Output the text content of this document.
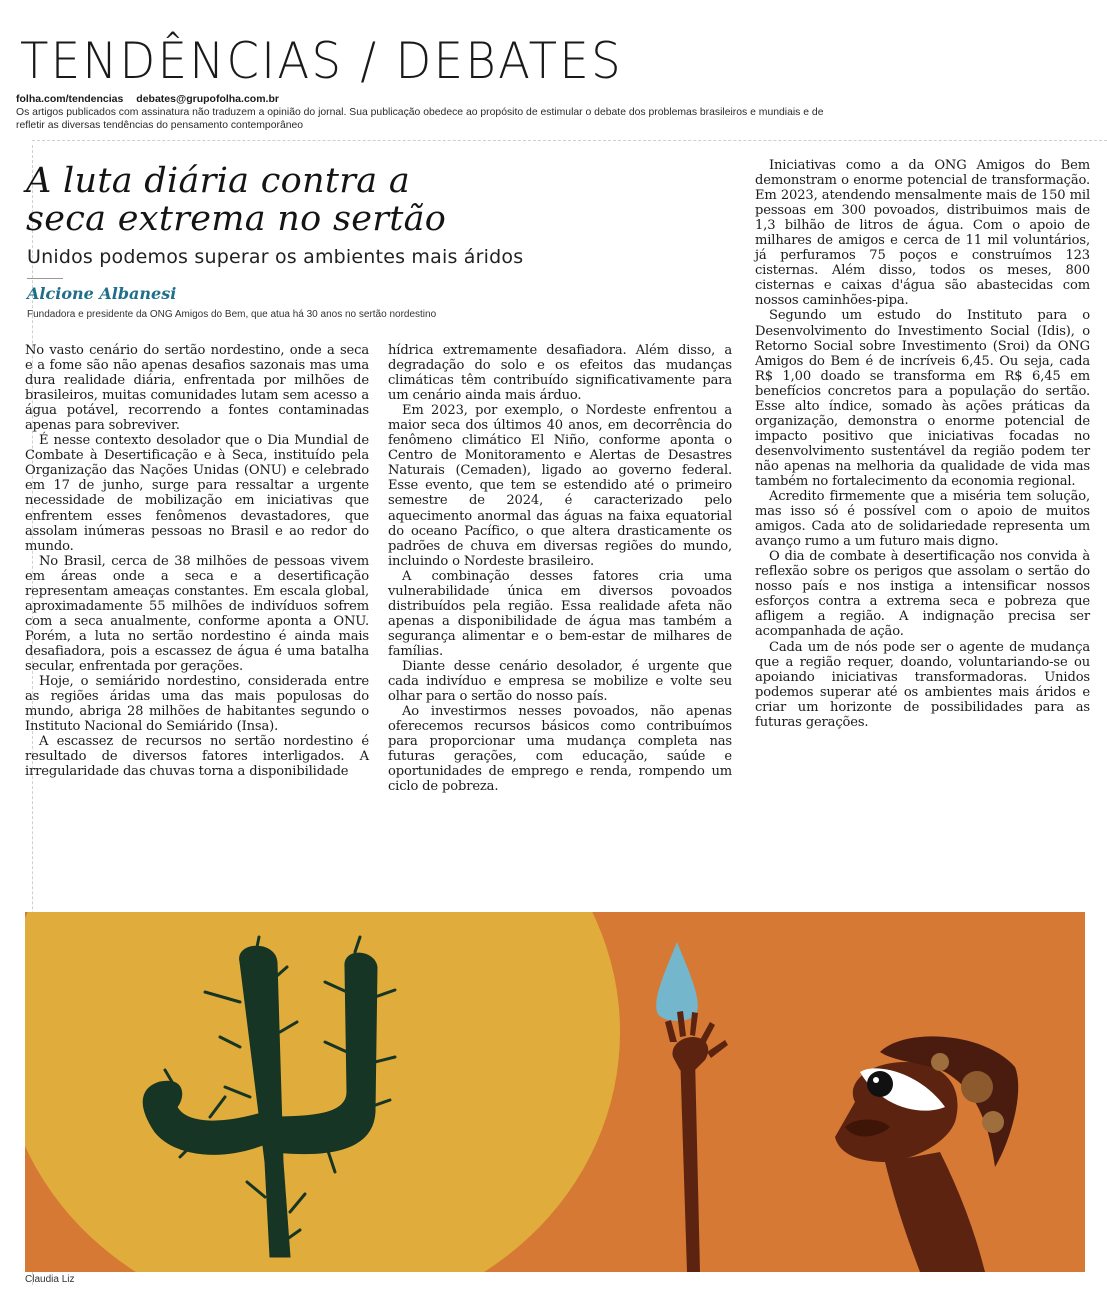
TENDÊNCIAS / DEBATES
folha.com/tendencias debates@grupofolha.com.br
Os artigos publicados com assinatura não traduzem a opinião do jornal. Sua publicação obedece ao propósito de estimular o debate dos problemas brasileiros e mundiais e de refletir as diversas tendências do pensamento contemporâneo
A luta diária contra a
seca extrema no sertão
Unidos podemos superar os ambientes mais áridos
Alcione Albanesi
Fundadora e presidente da ONG Amigos do Bem, que atua há 30 anos no sertão nordestino

No vasto cenário do sertão nordestino, onde a seca e a fome são não apenas desafios sazonais mas uma dura realidade diária, enfrentada por milhões de brasileiros, muitas comunidades lutam sem acesso a água potável, recorrendo a fontes contaminadas apenas para sobreviver.

É nesse contexto desolador que o Dia Mundial de Combate à Desertificação e à Seca, instituído pela Organização das Nações Unidas (ONU) e celebrado em 17 de junho, surge para ressaltar a urgente necessidade de mobilização em iniciativas que enfrentem esses fenômenos devastadores, que assolam inúmeras pessoas no Brasil e ao redor do mundo.

No Brasil, cerca de 38 milhões de pessoas vivem em áreas onde a seca e a desertificação representam ameaças constantes. Em escala global, aproximadamente 55 milhões de indivíduos sofrem com a seca anualmente, conforme aponta a ONU. Porém, a luta no sertão nordestino é ainda mais desafiadora, pois a escassez de água é uma batalha secular, enfrentada por gerações.

Hoje, o semiárido nordestino, considerada entre as regiões áridas uma das mais populosas do mundo, abriga 28 milhões de habitantes segundo o Instituto Nacional do Semiárido (Insa).

A escassez de recursos no sertão nordestino é resultado de diversos fatores interligados. A irregularidade das chuvas torna a disponibilidade

hídrica extremamente desafiadora. Além disso, a degradação do solo e os efeitos das mudanças climáticas têm contribuído significativamente para um cenário ainda mais árduo.

Em 2023, por exemplo, o Nordeste enfrentou a maior seca dos últimos 40 anos, em decorrência do fenômeno climático El Niño, conforme aponta o Centro de Monitoramento e Alertas de Desastres Naturais (Cemaden), ligado ao governo federal. Esse evento, que tem se estendido até o primeiro semestre de 2024, é caracterizado pelo aquecimento anormal das águas na faixa equatorial do oceano Pacífico, o que altera drasticamente os padrões de chuva em diversas regiões do mundo, incluindo o Nordeste brasileiro.

A combinação desses fatores cria uma vulnerabilidade única em diversos povoados distribuídos pela região. Essa realidade afeta não apenas a disponibilidade de água mas também a segurança alimentar e o bem-estar de milhares de famílias.

Diante desse cenário desolador, é urgente que cada indivíduo e empresa se mobilize e volte seu olhar para o sertão do nosso país.

Ao investirmos nesses povoados, não apenas oferecemos recursos básicos como contribuímos para proporcionar uma mudança completa nas futuras gerações, com educação, saúde e oportunidades de emprego e renda, rompendo um ciclo de pobreza.

Iniciativas como a da ONG Amigos do Bem demonstram o enorme potencial de transformação. Em 2023, atendendo mensalmente mais de 150 mil pessoas em 300 povoados, distribuimos mais de 1,3 bilhão de litros de água. Com o apoio de milhares de amigos e cerca de 11 mil voluntários, já perfuramos 75 poços e construímos 123 cisternas. Além disso, todos os meses, 800 cisternas e caixas d'água são abastecidas com nossos caminhões-pipa.

Segundo um estudo do Instituto para o Desenvolvimento do Investimento Social (Idis), o Retorno Social sobre Investimento (Sroi) da ONG Amigos do Bem é de incríveis 6,45. Ou seja, cada R$ 1,00 doado se transforma em R$ 6,45 em benefícios concretos para a população do sertão. Esse alto índice, somado às ações práticas da organização, demonstra o enorme potencial de impacto positivo que iniciativas focadas no desenvolvimento sustentável da região podem ter não apenas na melhoria da qualidade de vida mas também no fortalecimento da economia regional.

Acredito firmemente que a miséria tem solução, mas isso só é possível com o apoio de muitos amigos. Cada ato de solidariedade representa um avanço rumo a um futuro mais digno.

O dia de combate à desertificação nos convida à reflexão sobre os perigos que assolam o sertão do nosso país e nos instiga a intensificar nossos esforços contra a extrema seca e pobreza que afligem a região. A indignação precisa ser acompanhada de ação.

Cada um de nós pode ser o agente de mudança que a região requer, doando, voluntariando-se ou apoiando iniciativas transformadoras. Unidos podemos superar até os ambientes mais áridos e criar um horizonte de possibilidades para as futuras gerações.

Claudia Liz
